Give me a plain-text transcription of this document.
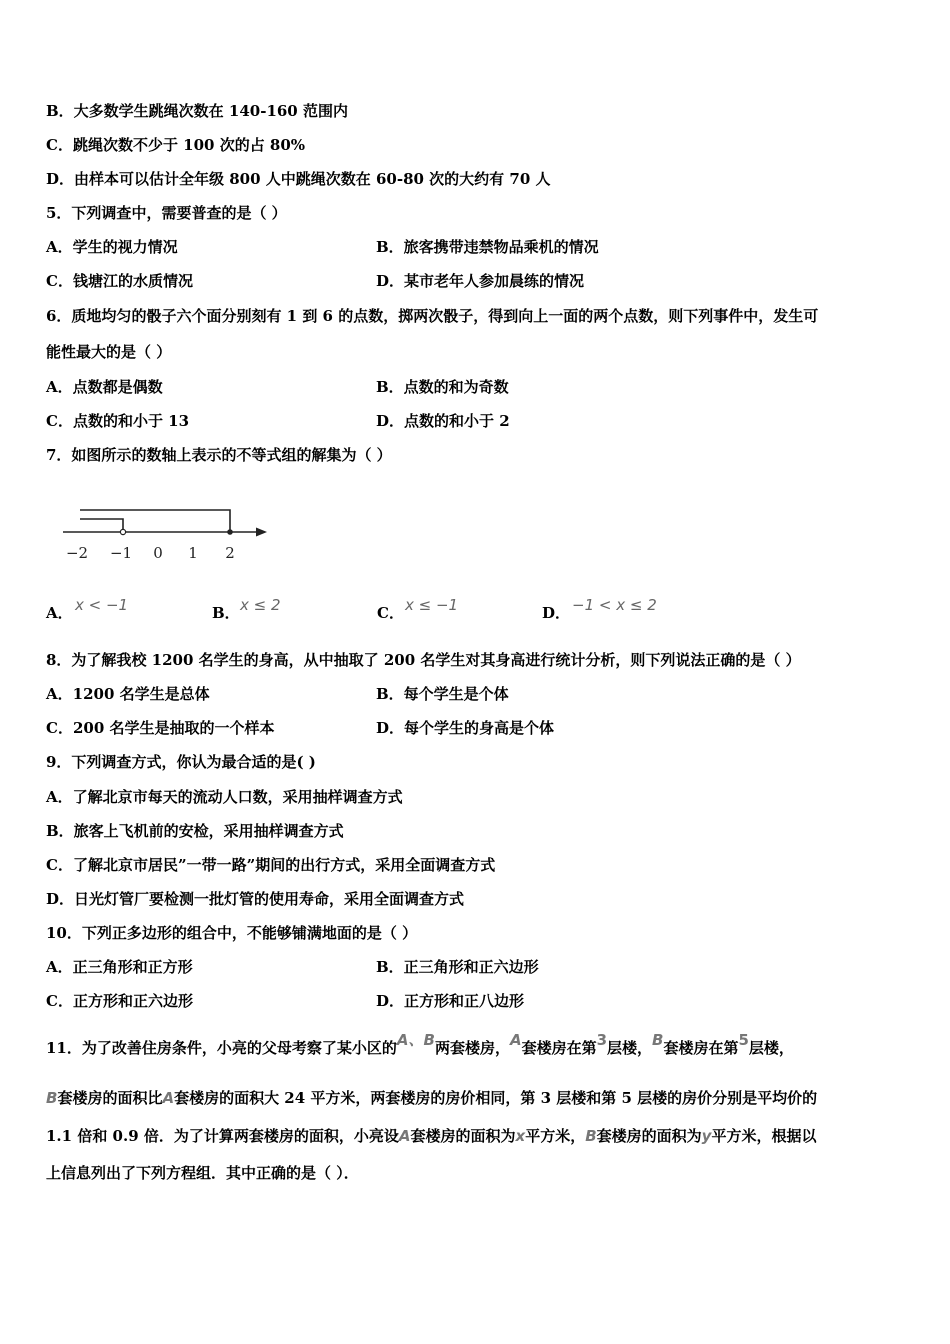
B．大多数学生跳绳次数在 140-160 范围内
C．跳绳次数不少于 100 次的占 80%
D．由样本可以估计全年级 800 人中跳绳次数在 60-80 次的大约有 70 人
5．下列调查中，需要普查的是（ ）
A．学生的视力情况	B．旅客携带违禁物品乘机的情况
C．钱塘江的水质情况	D．某市老年人参加晨练的情况
6．质地均匀的骰子六个面分别刻有 1 到 6 的点数，掷两次骰子，得到向上一面的两个点数，则下列事件中，发生可
能性最大的是（ ）
A．点数都是偶数	B．点数的和为奇数
C．点数的和小于 13	D．点数的和小于 2
7．如图所示的数轴上表示的不等式组的解集为（ ）
−2 −1 0 1 2
A． x < −1	B． x ≤ 2	C． x ≤ −1	D． −1 < x ≤ 2
8．为了解我校 1200 名学生的身高，从中抽取了 200 名学生对其身高进行统计分析，则下列说法正确的是（ ）
A．1200 名学生是总体	B．每个学生是个体
C．200 名学生是抽取的一个样本	D．每个学生的身高是个体
9．下列调查方式，你认为最合适的是( )
A．了解北京市每天的流动人口数，采用抽样调查方式
B．旅客上飞机前的安检，采用抽样调查方式
C．了解北京市居民”一带一路”期间的出行方式，采用全面调查方式
D．日光灯管厂要检测一批灯管的使用寿命，采用全面调查方式
10．下列正多边形的组合中，不能够铺满地面的是（ ）
A．正三角形和正方形	B．正三角形和正六边形
C．正方形和正六边形	D．正方形和正八边形
11．为了改善住房条件，小亮的父母考察了某小区的A、B两套楼房，A套楼房在第3层楼，B套楼房在第5层楼，
B套楼房的面积比A套楼房的面积大 24 平方米，两套楼房的房价相同，第 3 层楼和第 5 层楼的房价分别是平均价的
1.1 倍和 0.9 倍．为了计算两套楼房的面积，小亮设A套楼房的面积为x平方米，B套楼房的面积为y平方米，根据以
上信息列出了下列方程组．其中正确的是（ ）．
